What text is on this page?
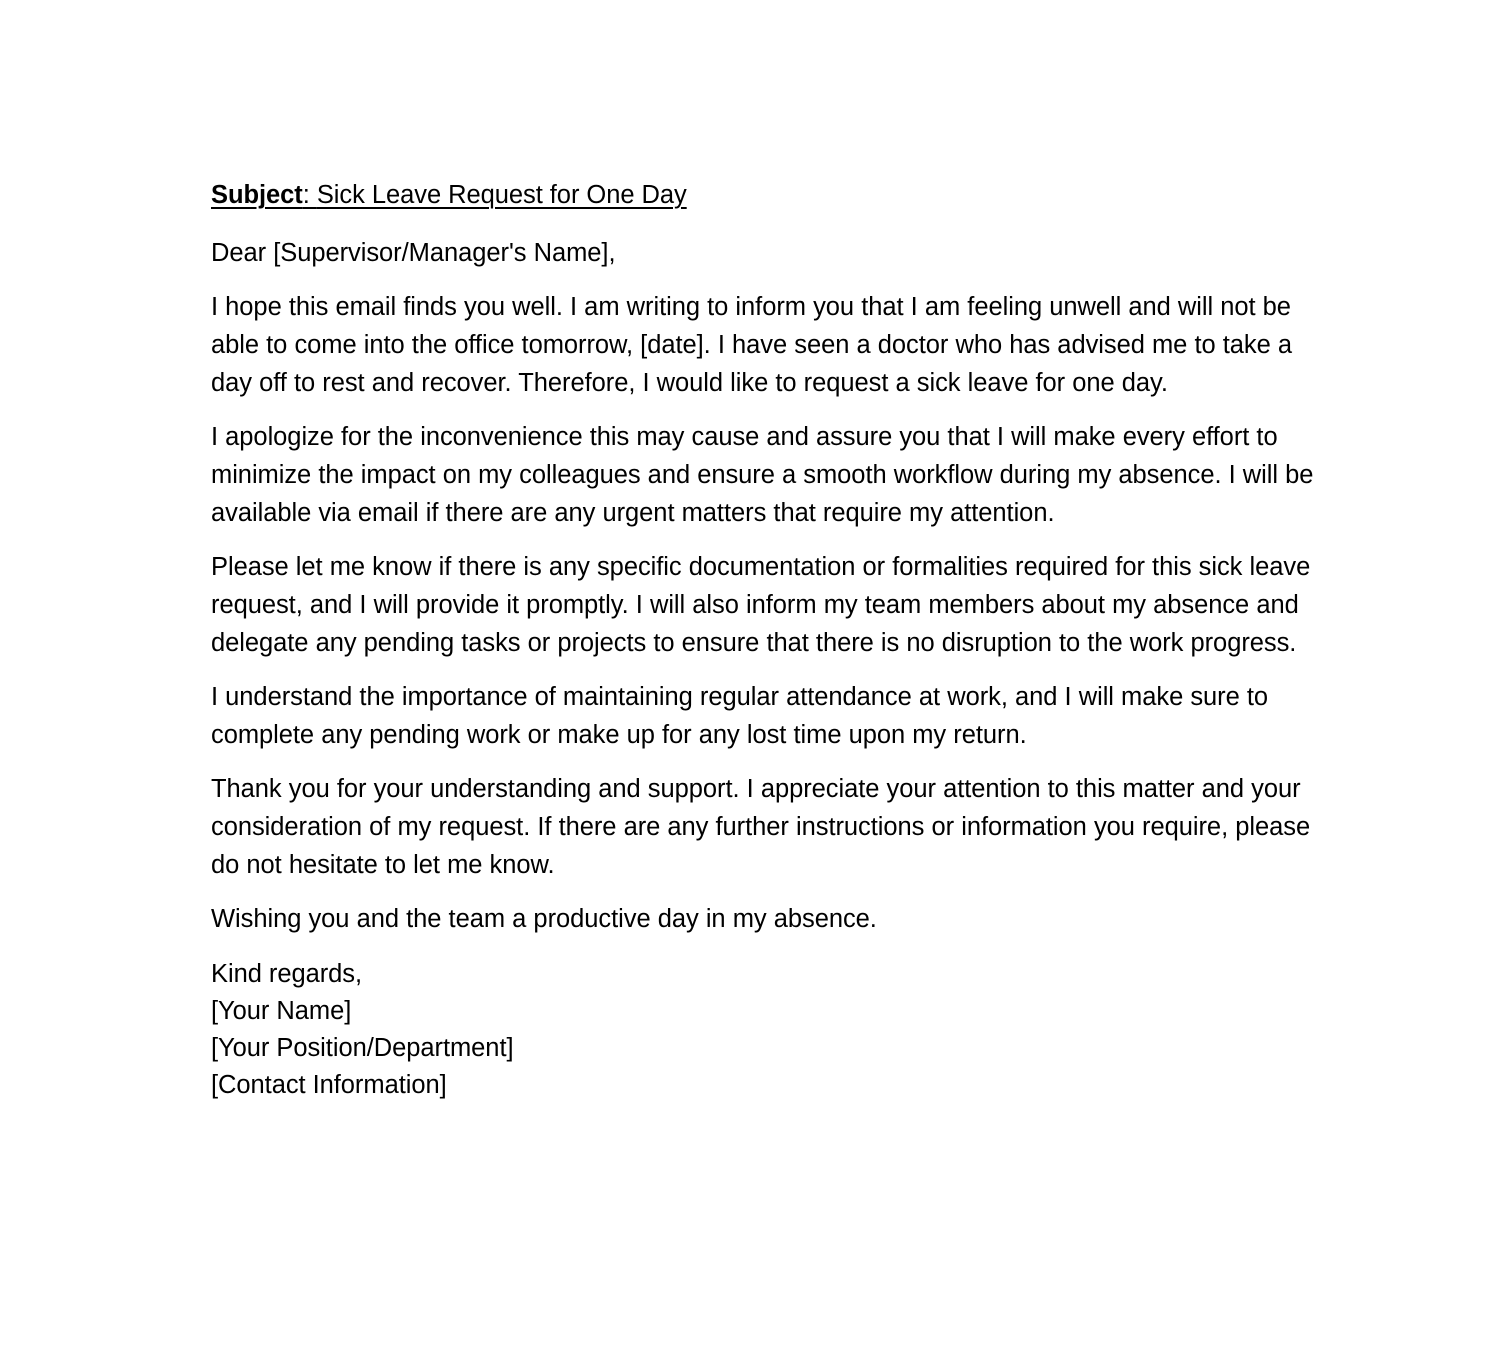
Subject: Sick Leave Request for One Day

Dear [Supervisor/Manager's Name],

I hope this email finds you well. I am writing to inform you that I am feeling unwell and will not be able to come into the office tomorrow, [date]. I have seen a doctor who has advised me to take a day off to rest and recover. Therefore, I would like to request a sick leave for one day.

I apologize for the inconvenience this may cause and assure you that I will make every effort to minimize the impact on my colleagues and ensure a smooth workflow during my absence. I will be available via email if there are any urgent matters that require my attention.

Please let me know if there is any specific documentation or formalities required for this sick leave request, and I will provide it promptly. I will also inform my team members about my absence and delegate any pending tasks or projects to ensure that there is no disruption to the work progress.

I understand the importance of maintaining regular attendance at work, and I will make sure to complete any pending work or make up for any lost time upon my return.

Thank you for your understanding and support. I appreciate your attention to this matter and your consideration of my request. If there are any further instructions or information you require, please do not hesitate to let me know.

Wishing you and the team a productive day in my absence.

Kind regards,
[Your Name]
[Your Position/Department]
[Contact Information]
